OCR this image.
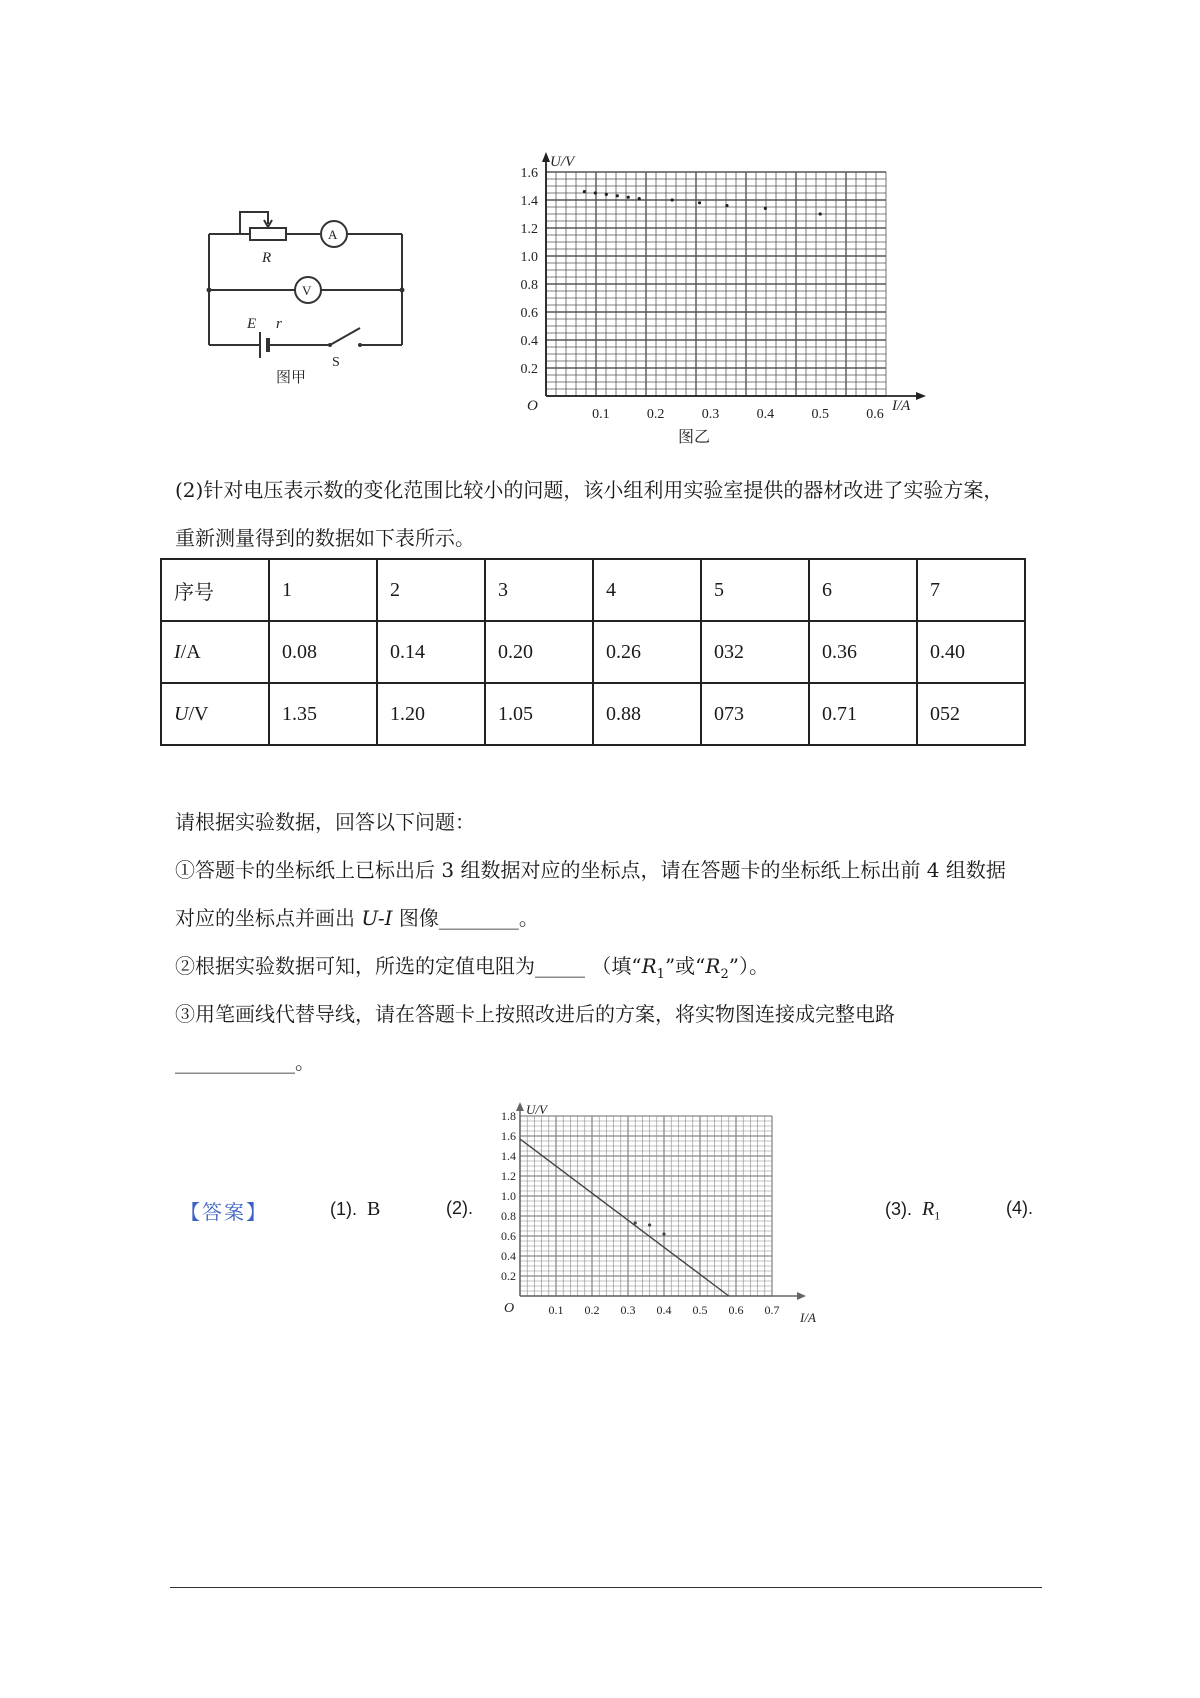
R
A
V
E r
S
图甲
1.6
1.4
1.2
1.0
0.8
0.6
0.4
0.2
0.1	0.2	0.3	0.4	0.5	0.6
U/V
I/A
O
图乙
(2)针对电压表示数的变化范围比较小的问题，该小组利用实验室提供的器材改进了实验方案，
重新测量得到的数据如下表所示。
序号	1	2	3	4	5	6	7
I/A	0.08	0.14	0.20	0.26	032	0.36	0.40
U/V	1.35	1.20	1.05	0.88	073	0.71	052
请根据实验数据，回答以下问题：
①答题卡的坐标纸上已标出后 3 组数据对应的坐标点，请在答题卡的坐标纸上标出前 4 组数据
对应的坐标点并画出 U-I 图像________。
②根据实验数据可知，所选的定值电阻为_____ （填“$R_1$”或“$R_2$”）。
③用笔画线代替导线，请在答题卡上按照改进后的方案，将实物图连接成完整电路
____________。
【答案】	(1). B	(2).	(3). $R_1$	(4).
1.8
1.6
1.4
1.2
1.0
0.8
0.6
0.4
0.2
0.1 0.2 0.3 0.4 0.5 0.6 0.7
U/V
I/A
O
